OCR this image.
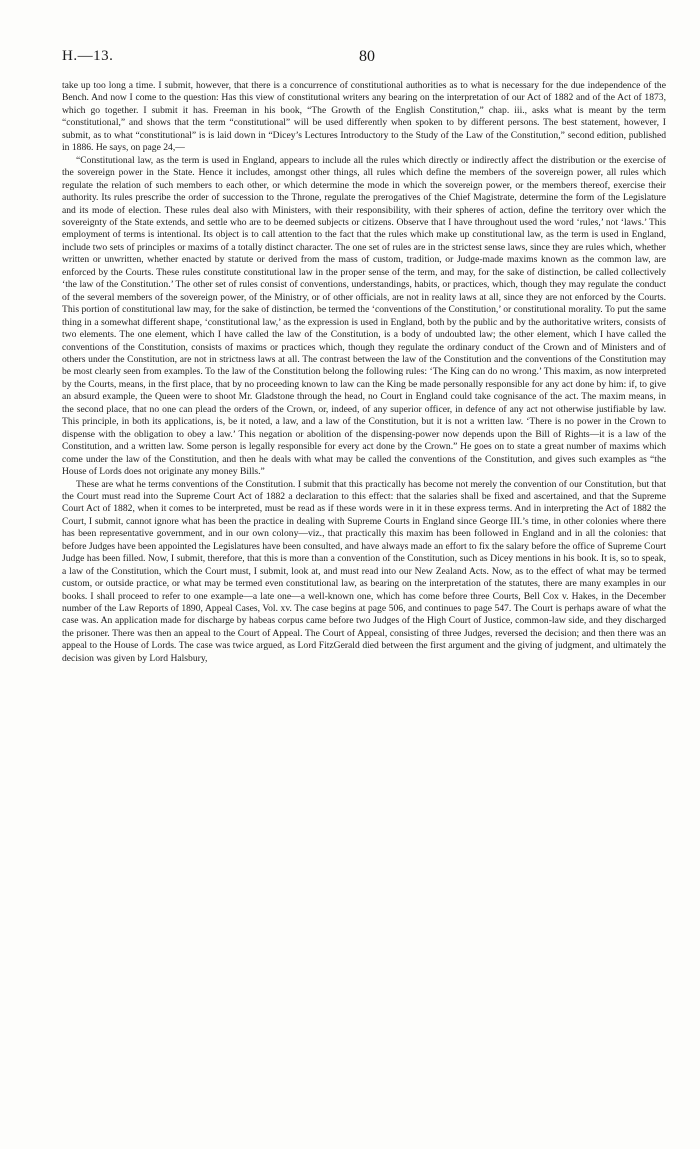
H.—13.	80

take up too long a time. I submit, however, that there is a concurrence of constitutional authorities as to what is necessary for the due independence of the Bench. And now I come to the question: Has this view of constitutional writers any bearing on the interpretation of our Act of 1882 and of the Act of 1873, which go together. I submit it has. Freeman in his book, “The Growth of the English Constitution,” chap. iii., asks what is meant by the term “constitutional,” and shows that the term “constitutional” will be used differently when spoken to by different persons. The best statement, however, I submit, as to what “constitutional” is is laid down in “Dicey’s Lectures Introductory to the Study of the Law of the Constitution,” second edition, published in 1886. He says, on page 24,—

“Constitutional law, as the term is used in England, appears to include all the rules which directly or indirectly affect the distribution or the exercise of the sovereign power in the State. Hence it includes, amongst other things, all rules which define the members of the sovereign power, all rules which regulate the relation of such members to each other, or which determine the mode in which the sovereign power, or the members thereof, exercise their authority. Its rules prescribe the order of succession to the Throne, regulate the prerogatives of the Chief Magistrate, determine the form of the Legislature and its mode of election. These rules deal also with Ministers, with their responsibility, with their spheres of action, define the territory over which the sovereignty of the State extends, and settle who are to be deemed subjects or citizens. Observe that I have throughout used the word ‘rules,’ not ‘laws.’ This employment of terms is intentional. Its object is to call attention to the fact that the rules which make up constitutional law, as the term is used in England, include two sets of principles or maxims of a totally distinct character. The one set of rules are in the strictest sense laws, since they are rules which, whether written or unwritten, whether enacted by statute or derived from the mass of custom, tradition, or Judge-made maxims known as the common law, are enforced by the Courts. These rules constitute constitutional law in the proper sense of the term, and may, for the sake of distinction, be called collectively ‘the law of the Constitution.’ The other set of rules consist of conventions, understandings, habits, or practices, which, though they may regulate the conduct of the several members of the sovereign power, of the Ministry, or of other officials, are not in reality laws at all, since they are not enforced by the Courts. This portion of constitutional law may, for the sake of distinction, be termed the ‘conventions of the Constitution,’ or constitutional morality. To put the same thing in a somewhat different shape, ‘constitutional law,’ as the expression is used in England, both by the public and by the authoritative writers, consists of two elements. The one element, which I have called the law of the Constitution, is a body of undoubted law; the other element, which I have called the conventions of the Constitution, consists of maxims or practices which, though they regulate the ordinary conduct of the Crown and of Ministers and of others under the Constitution, are not in strictness laws at all. The contrast between the law of the Constitution and the conventions of the Constitution may be most clearly seen from examples. To the law of the Constitution belong the following rules: ‘The King can do no wrong.’ This maxim, as now interpreted by the Courts, means, in the first place, that by no proceeding known to law can the King be made personally responsible for any act done by him: if, to give an absurd example, the Queen were to shoot Mr. Gladstone through the head, no Court in England could take cognisance of the act. The maxim means, in the second place, that no one can plead the orders of the Crown, or, indeed, of any superior officer, in defence of any act not otherwise justifiable by law. This principle, in both its applications, is, be it noted, a law, and a law of the Constitution, but it is not a written law. ‘There is no power in the Crown to dispense with the obligation to obey a law.’ This negation or abolition of the dispensing-power now depends upon the Bill of Rights—it is a law of the Constitution, and a written law. Some person is legally responsible for every act done by the Crown.” He goes on to state a great number of maxims which come under the law of the Constitution, and then he deals with what may be called the conventions of the Constitution, and gives such examples as “the House of Lords does not originate any money Bills.”

These are what he terms conventions of the Constitution. I submit that this practically has become not merely the convention of our Constitution, but that the Court must read into the Supreme Court Act of 1882 a declaration to this effect: that the salaries shall be fixed and ascertained, and that the Supreme Court Act of 1882, when it comes to be interpreted, must be read as if these words were in it in these express terms. And in interpreting the Act of 1882 the Court, I submit, cannot ignore what has been the practice in dealing with Supreme Courts in England since George III.’s time, in other colonies where there has been representative government, and in our own colony—viz., that practically this maxim has been followed in England and in all the colonies: that before Judges have been appointed the Legislatures have been consulted, and have always made an effort to fix the salary before the office of Supreme Court Judge has been filled. Now, I submit, therefore, that this is more than a convention of the Constitution, such as Dicey mentions in his book. It is, so to speak, a law of the Constitution, which the Court must, I submit, look at, and must read into our New Zealand Acts. Now, as to the effect of what may be termed custom, or outside practice, or what may be termed even constitutional law, as bearing on the interpretation of the statutes, there are many examples in our books. I shall proceed to refer to one example—a late one—a well-known one, which has come before three Courts, Bell Cox v. Hakes, in the December number of the Law Reports of 1890, Appeal Cases, Vol. xv. The case begins at page 506, and continues to page 547. The Court is perhaps aware of what the case was. An application made for discharge by habeas corpus came before two Judges of the High Court of Justice, common-law side, and they discharged the prisoner. There was then an appeal to the Court of Appeal. The Court of Appeal, consisting of three Judges, reversed the decision; and then there was an appeal to the House of Lords. The case was twice argued, as Lord FitzGerald died between the first argument and the giving of judgment, and ultimately the decision was given by Lord Halsbury,
